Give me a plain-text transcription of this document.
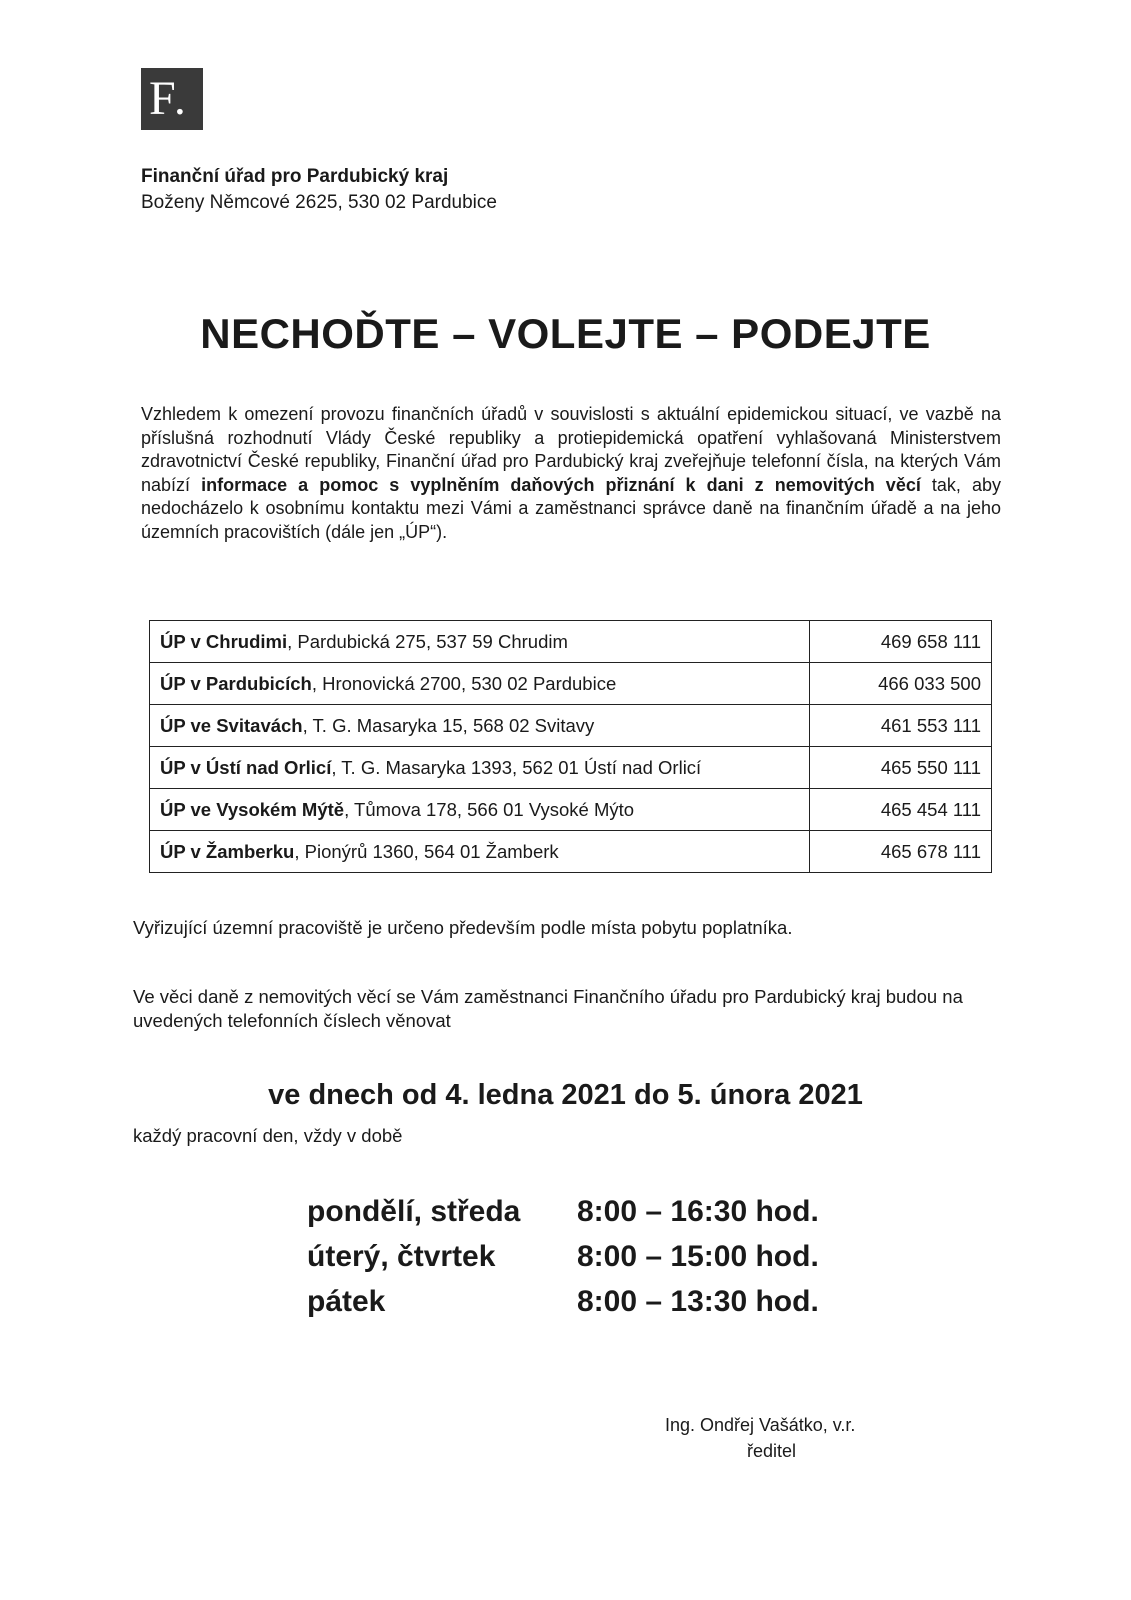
F.
Finanční úřad pro Pardubický kraj
Boženy Němcové 2625, 530 02 Pardubice
NECHOĎTE – VOLEJTE – PODEJTE

Vzhledem k omezení provozu finančních úřadů v souvislosti s aktuální epidemickou situací, ve vazbě na příslušná rozhodnutí Vlády České republiky a protiepidemická opatření vyhlašovaná Ministerstvem zdravotnictví České republiky, Finanční úřad pro Pardubický kraj zveřejňuje telefonní čísla, na kterých Vám nabízí informace a pomoc s vyplněním daňových přiznání k dani z nemovitých věcí tak, aby nedocházelo k osobnímu kontaktu mezi Vámi a zaměstnanci správce daně na finančním úřadě a na jeho územních pracovištích (dále jen „ÚP“).

ÚP v Chrudimi, Pardubická 275, 537 59 Chrudim	469 658 111
ÚP v Pardubicích, Hronovická 2700, 530 02 Pardubice	466 033 500
ÚP ve Svitavách, T. G. Masaryka 15, 568 02 Svitavy	461 553 111
ÚP v Ústí nad Orlicí, T. G. Masaryka 1393, 562 01 Ústí nad Orlicí	465 550 111
ÚP ve Vysokém Mýtě, Tůmova 178, 566 01 Vysoké Mýto	465 454 111
ÚP v Žamberku, Pionýrů 1360, 564 01 Žamberk	465 678 111

Vyřizující územní pracoviště je určeno především podle místa pobytu poplatníka.

Ve věci daně z nemovitých věcí se Vám zaměstnanci Finančního úřadu pro Pardubický kraj budou na uvedených telefonních číslech věnovat

ve dnech od 4. ledna 2021 do 5. února 2021

každý pracovní den, vždy v době

pondělí, středa	8:00 – 16:30 hod.
úterý, čtvrtek	8:00 – 15:00 hod.
pátek	8:00 – 13:30 hod.
Ing. Ondřej Vašátko, v.r.
ředitel
